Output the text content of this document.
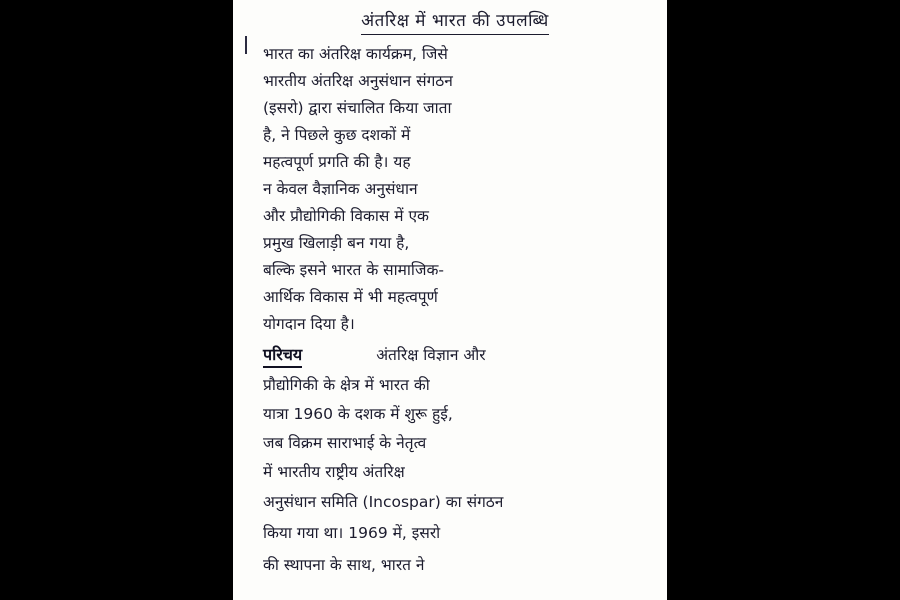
अंतरिक्ष में भारत की उपलब्धि
भारत का अंतरिक्ष कार्यक्रम, जिसे
भारतीय अंतरिक्ष अनुसंधान संगठन
(इसरो) द्वारा संचालित किया जाता
है, ने पिछले कुछ दशकों में
महत्वपूर्ण प्रगति की है। यह
न केवल वैज्ञानिक अनुसंधान
और प्रौद्योगिकी विकास में एक
प्रमुख खिलाड़ी बन गया है,
बल्कि इसने भारत के सामाजिक-
आर्थिक विकास में भी महत्वपूर्ण
योगदान दिया है।
परिचय	अंतरिक्ष विज्ञान और
प्रौद्योगिकी के क्षेत्र में भारत की
यात्रा 1960 के दशक में शुरू हुई,
जब विक्रम साराभाई के नेतृत्व
में भारतीय राष्ट्रीय अंतरिक्ष
अनुसंधान समिति (Incospar) का संगठन
किया गया था। 1969 में, इसरो
की स्थापना के साथ, भारत ने
